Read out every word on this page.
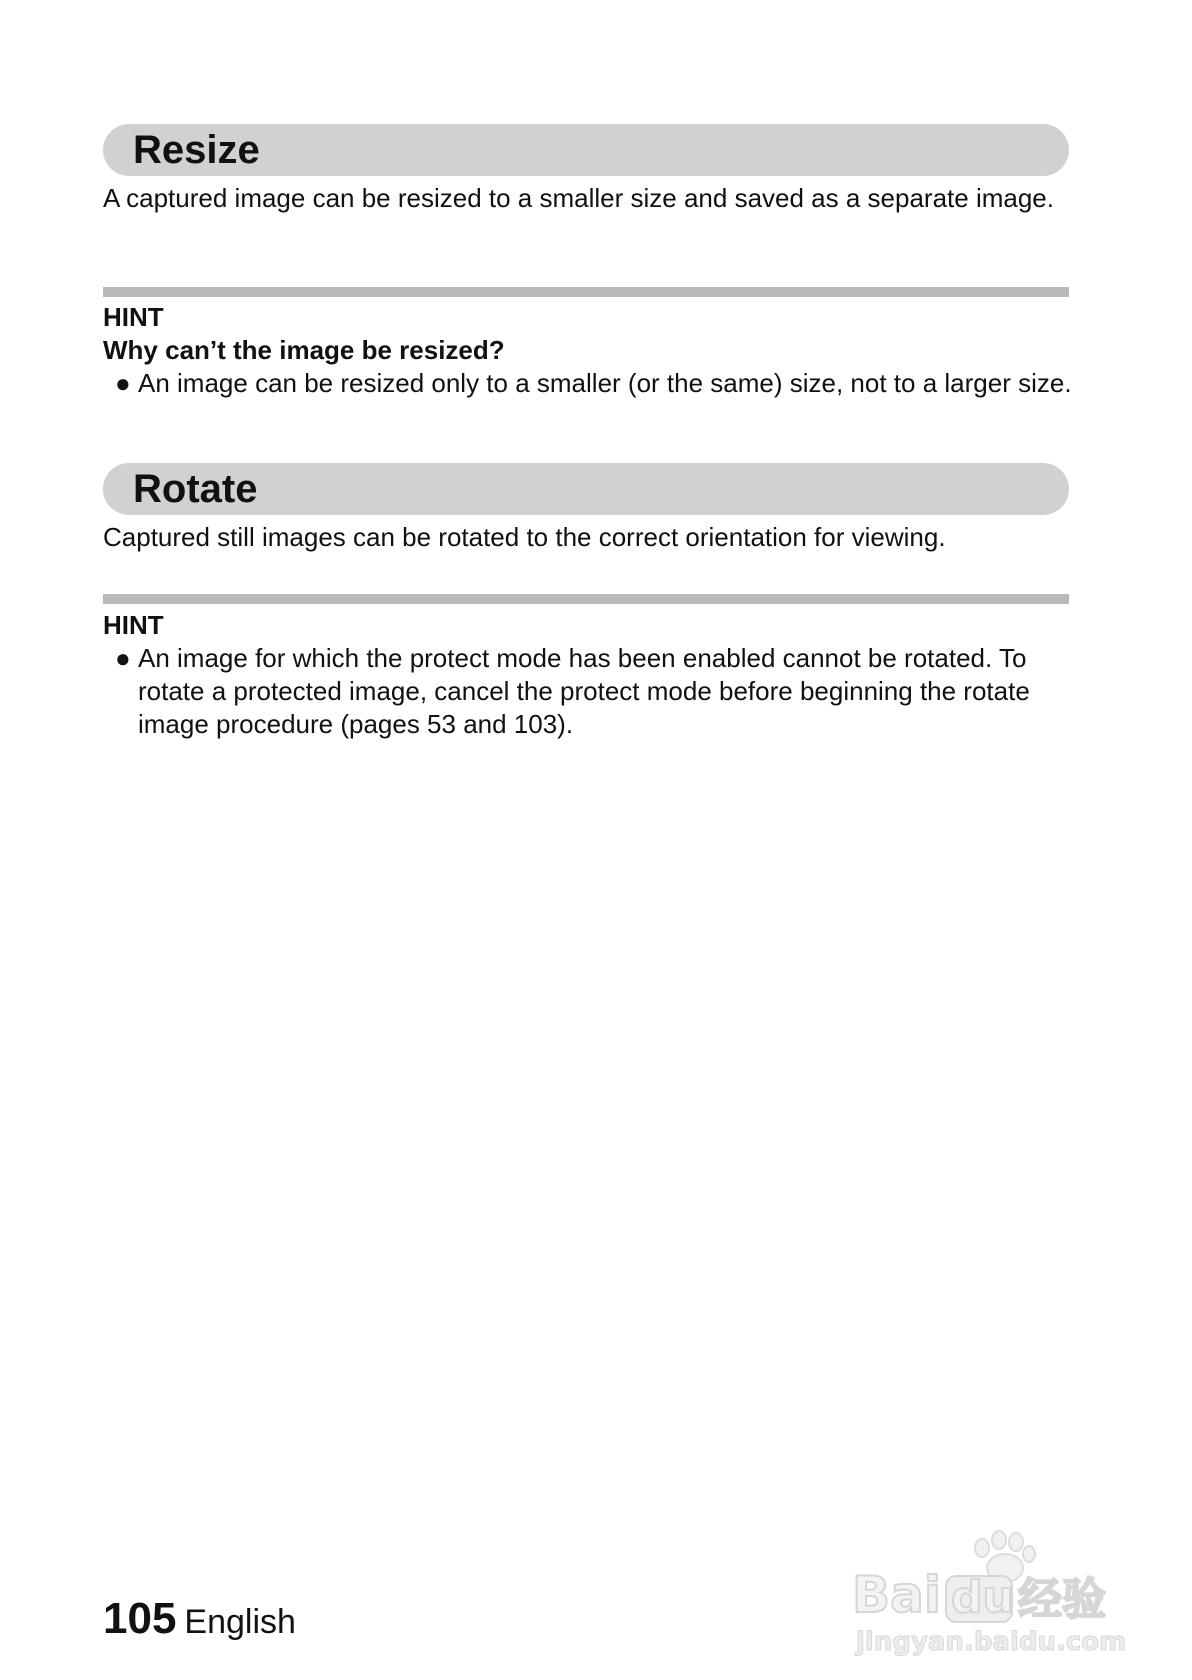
Resize
A captured image can be resized to a smaller size and saved as a separate image.
HINT
Why can’t the image be resized?
● An image can be resized only to a smaller (or the same) size, not to a larger size.
Rotate
Captured still images can be rotated to the correct orientation for viewing.
HINT
● An image for which the protect mode has been enabled cannot be rotated. To rotate a protected image, cancel the protect mode before beginning the rotate image procedure (pages 53 and 103).
105 English	Bai du 经验
jingyan.baidu.com
